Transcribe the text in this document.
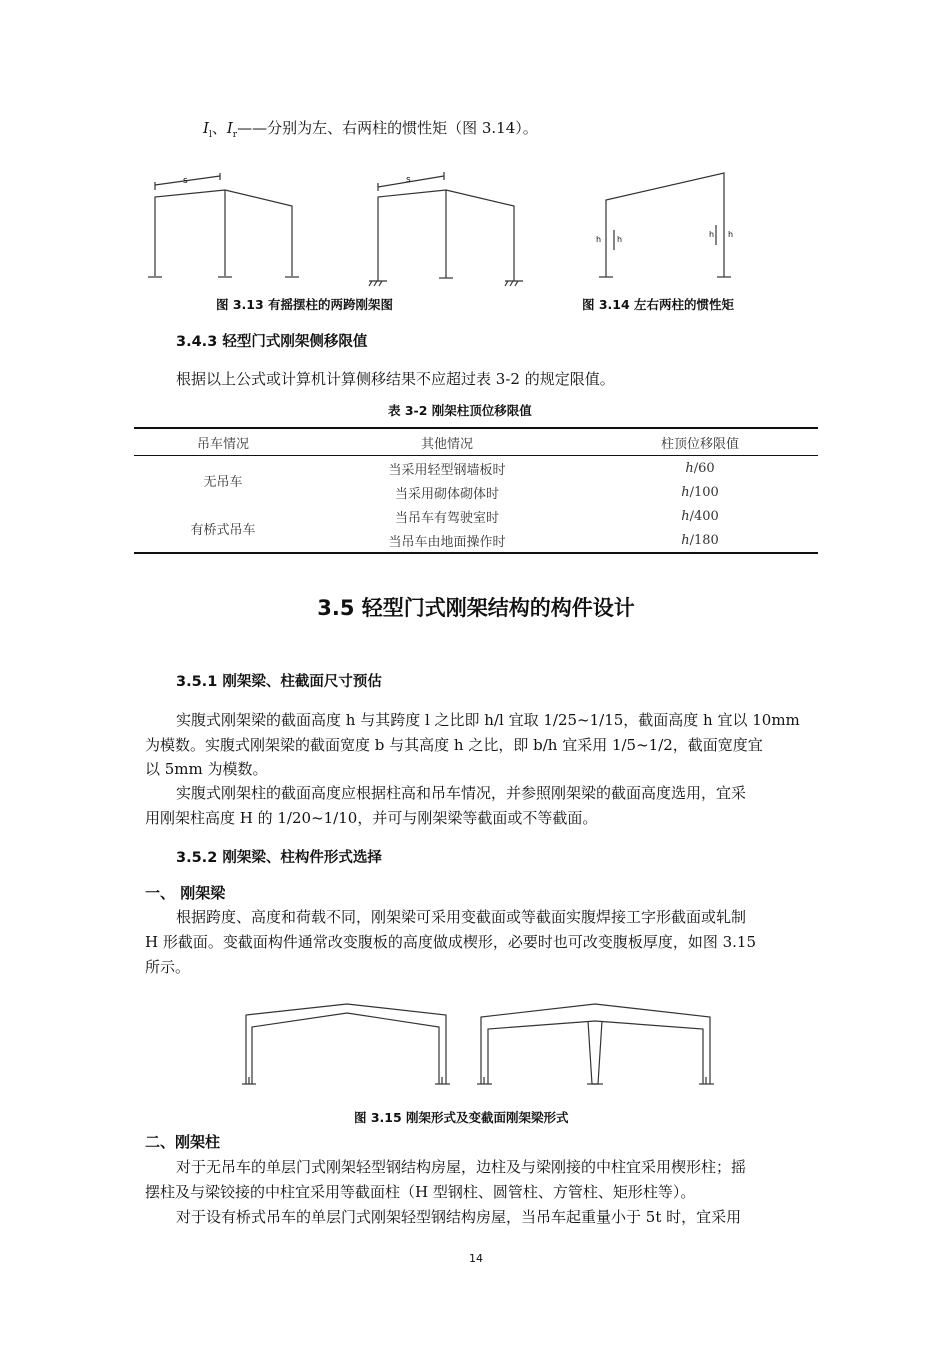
$I_l$、$I_r——$分别为左、右两柱的惯性矩（图 3.14）。
s	s
h h
h h
图 3.13 有摇摆柱的两跨刚架图	图 3.14 左右两柱的惯性矩
3.4.3 轻型门式刚架侧移限值
根据以上公式或计算机计算侧移结果不应超过表 3-2 的规定限值。
表 3-2 刚架柱顶位移限值
吊车情况	其他情况	柱顶位移限值
无吊车	当采用轻型钢墙板时	h/60
	当采用砌体砌体时	h/100
有桥式吊车	当吊车有驾驶室时	h/400
	当吊车由地面操作时	h/180
3.5 轻型门式刚架结构的构件设计
3.5.1 刚架梁、柱截面尺寸预估
实腹式刚架梁的截面高度 h 与其跨度 l 之比即 h/l 宜取 1/25~1/15，截面高度 h 宜以 10mm
为模数。实腹式刚架梁的截面宽度 b 与其高度 h 之比，即 b/h 宜采用 1/5~1/2，截面宽度宜
以 5mm 为模数。
实腹式刚架柱的截面高度应根据柱高和吊车情况，并参照刚架梁的截面高度选用，宜采
用刚架柱高度 H 的 1/20~1/10，并可与刚架梁等截面或不等截面。
3.5.2 刚架梁、柱构件形式选择
一、 刚架梁
根据跨度、高度和荷载不同，刚架梁可采用变截面或等截面实腹焊接工字形截面或轧制
H 形截面。变截面构件通常改变腹板的高度做成楔形，必要时也可改变腹板厚度，如图 3.15
所示。
图 3.15 刚架形式及变截面刚架梁形式
二、刚架柱
对于无吊车的单层门式刚架轻型钢结构房屋，边柱及与梁刚接的中柱宜采用楔形柱；摇
摆柱及与梁铰接的中柱宜采用等截面柱（H 型钢柱、圆管柱、方管柱、矩形柱等）。
对于设有桥式吊车的单层门式刚架轻型钢结构房屋，当吊车起重量小于 5t 时，宜采用
14
